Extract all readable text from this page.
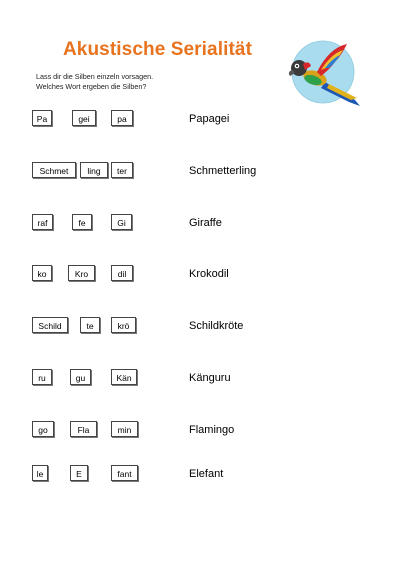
Akustische Serialität
Lass dir die Silben einzeln vorsagen.
Welches Wort ergeben die Silben?
Pa	gei	pa	Papagei
Schmet	ling	ter	Schmetterling
raf	fe	Gi	Giraffe
ko	Kro	dil	Krokodil
Schild	te	krö	Schildkröte
ru	gu	Kän	Känguru
go	Fla	min	Flamingo
le	E	fant	Elefant
